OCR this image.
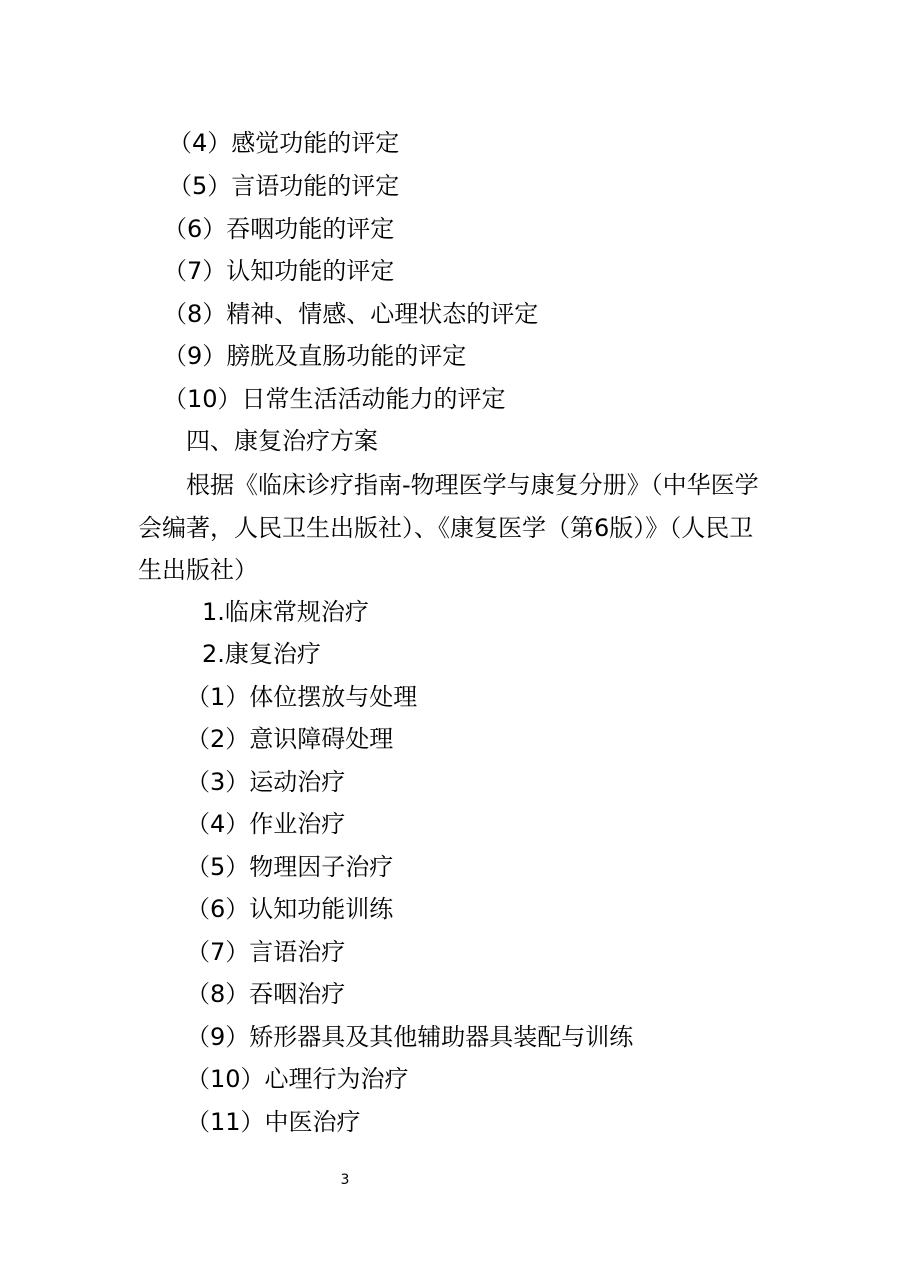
（4）感觉功能的评定
（5）言语功能的评定
（6）吞咽功能的评定
（7）认知功能的评定
（8）精神、情感、心理状态的评定
（9）膀胱及直肠功能的评定
（10）日常生活活动能力的评定
四、康复治疗方案
根据《临床诊疗指南-物理医学与康复分册》（中华医学会编著，人民卫生出版社）、《康复医学（第6版）》（人民卫生出版社）
1.临床常规治疗
2.康复治疗
（1）体位摆放与处理
（2）意识障碍处理
（3）运动治疗
（4）作业治疗
（5）物理因子治疗
（6）认知功能训练
（7）言语治疗
（8）吞咽治疗
（9）矫形器具及其他辅助器具装配与训练
（10）心理行为治疗
（11）中医治疗
3
